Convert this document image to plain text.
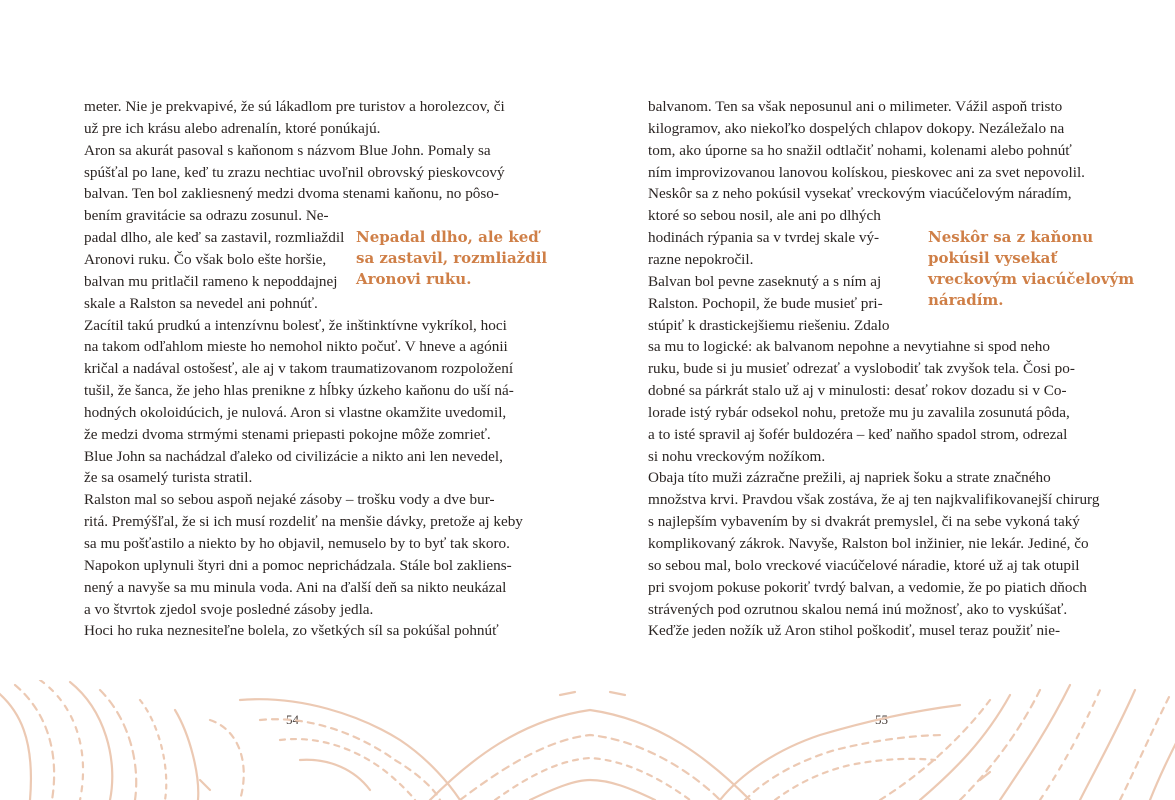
meter. Nie je prekvapivé, že sú lákadlom pre turistov a horolezcov, či
už pre ich krásu alebo adrenalín, ktoré ponúkajú.
Aron sa akurát pasoval s kaňonom s názvom Blue John. Pomaly sa
spúšťal po lane, keď tu zrazu nechtiac uvoľnil obrovský pieskovcový
balvan. Ten bol zakliesnený medzi dvoma stenami kaňonu, no pôso-
bením gravitácie sa odrazu zosunul. Ne-
padal dlho, ale keď sa zastavil, rozmliaždil
Aronovi ruku. Čo však bolo ešte horšie,
balvan mu pritlačil rameno k nepoddajnej
skale a Ralston sa nevedel ani pohnúť.
Zacítil takú prudkú a intenzívnu bolesť, že inštinktívne vykríkol, hoci
na takom odľahlom mieste ho nemohol nikto počuť. V hneve a agónii
kričal a nadával ostošesť, ale aj v takom traumatizovanom rozpoložení
tušil, že šanca, že jeho hlas prenikne z hĺbky úzkeho kaňonu do uší ná-
hodných okoloidúcich, je nulová. Aron si vlastne okamžite uvedomil,
že medzi dvoma strmými stenami priepasti pokojne môže zomrieť.
Blue John sa nachádzal ďaleko od civilizácie a nikto ani len nevedel,
že sa osamelý turista stratil.
Ralston mal so sebou aspoň nejaké zásoby – trošku vody a dve bur-
ritá. Premýšľal, že si ich musí rozdeliť na menšie dávky, pretože aj keby
sa mu pošťastilo a niekto by ho objavil, nemuselo by to byť tak skoro.
Napokon uplynuli štyri dni a pomoc neprichádzala. Stále bol zakliens-
nený a navyše sa mu minula voda. Ani na ďalší deň sa nikto neukázal
a vo štvrtok zjedol svoje posledné zásoby jedla.
Hoci ho ruka neznesiteľne bolela, zo všetkých síl sa pokúšal pohnúť
Nepadal dlho, ale keď
sa zastavil, rozmliaždil
Aronovi ruku.
54
balvanom. Ten sa však neposunul ani o milimeter. Vážil aspoň tristo
kilogramov, ako niekoľko dospelých chlapov dokopy. Nezáležalo na
tom, ako úporne sa ho snažil odtlačiť nohami, kolenami alebo pohnúť
ním improvizovanou lanovou kolískou, pieskovec ani za svet nepovolil.
Neskôr sa z neho pokúsil vysekať vreckovým viacúčelovým náradím,
ktoré so sebou nosil, ale ani po dlhých
hodinách rýpania sa v tvrdej skale vý-
razne nepokročil.
Balvan bol pevne zaseknutý a s ním aj
Ralston. Pochopil, že bude musieť pri-
stúpiť k drastickejšiemu riešeniu. Zdalo
sa mu to logické: ak balvanom nepohne a nevytiahne si spod neho
ruku, bude si ju musieť odrezať a vyslobodiť tak zvyšok tela. Čosi po-
dobné sa párkrát stalo už aj v minulosti: desať rokov dozadu si v Co-
lorade istý rybár odsekol nohu, pretože mu ju zavalila zosunutá pôda,
a to isté spravil aj šofér buldozéra – keď naňho spadol strom, odrezal
si nohu vreckovým nožíkom.
Obaja títo muži zázračne prežili, aj napriek šoku a strate značného
množstva krvi. Pravdou však zostáva, že aj ten najkvalifikovanejší chirurg
s najlepším vybavením by si dvakrát premyslel, či na sebe vykoná taký
komplikovaný zákrok. Navyše, Ralston bol inžinier, nie lekár. Jediné, čo
so sebou mal, bolo vreckové viacúčelové náradie, ktoré už aj tak otupil
pri svojom pokuse pokoriť tvrdý balvan, a vedomie, že po piatich dňoch
strávených pod ozrutnou skalou nemá inú možnosť, ako to vyskúšať.
Keďže jeden nožík už Aron stihol poškodiť, musel teraz použiť nie-
Neskôr sa z kaňonu
pokúsil vysekať
vreckovým viacúčelovým
náradím.
55
